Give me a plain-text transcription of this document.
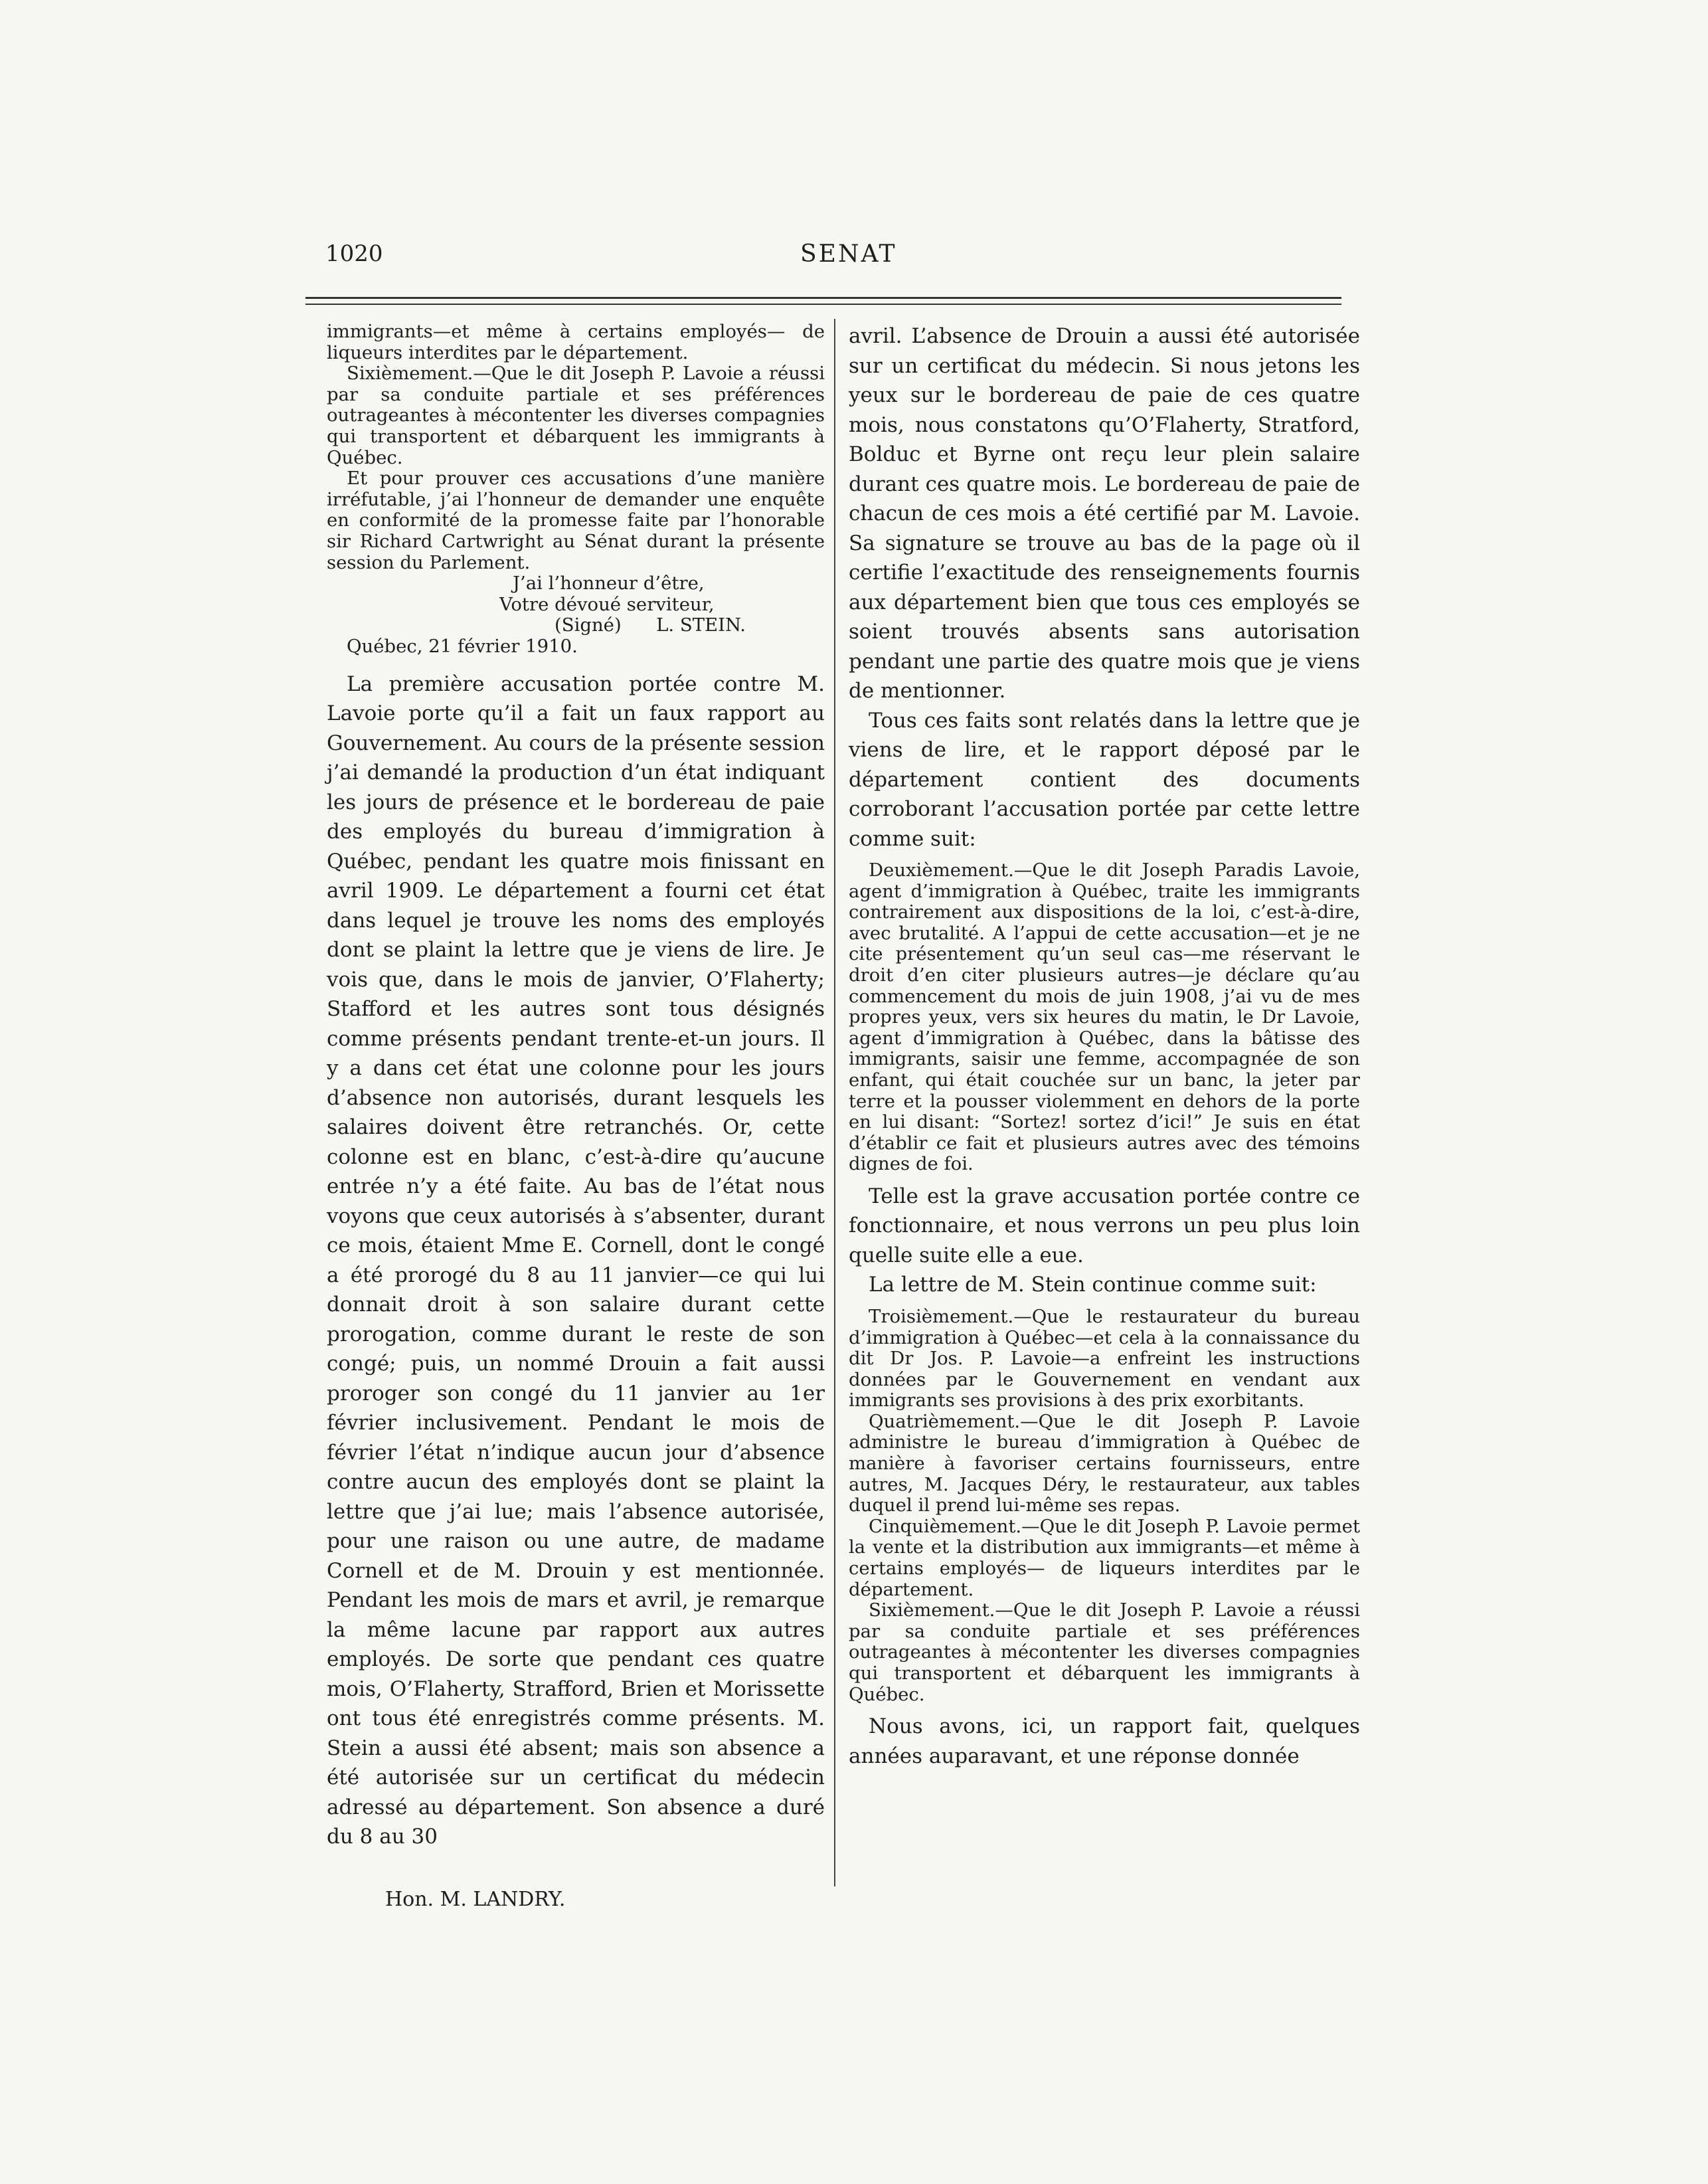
1020	SENAT

immigrants—et même à certains employés— de liqueurs interdites par le département.

Sixièmement.—Que le dit Joseph P. Lavoie a réussi par sa conduite partiale et ses préférences outrageantes à mécontenter les diverses compagnies qui transportent et débarquent les immigrants à Québec.

Et pour prouver ces accusations d’une manière irréfutable, j’ai l’honneur de demander une enquête en conformité de la promesse faite par l’honorable sir Richard Cartwright au Sénat durant la présente session du Parlement.

J’ai l’honneur d’être,
Votre dévoué serviteur,
(Signé)      L. STEIN.
Québec, 21 février 1910.

La première accusation portée contre M. Lavoie porte qu’il a fait un faux rapport au Gouvernement. Au cours de la présente session j’ai demandé la production d’un état indiquant les jours de présence et le bordereau de paie des employés du bureau d’immigration à Québec, pendant les quatre mois finissant en avril 1909. Le département a fourni cet état dans lequel je trouve les noms des employés dont se plaint la lettre que je viens de lire. Je vois que, dans le mois de janvier, O’Flaherty; Stafford et les autres sont tous désignés comme présents pendant trente-et-un jours. Il y a dans cet état une colonne pour les jours d’absence non autorisés, durant lesquels les salaires doivent être retranchés. Or, cette colonne est en blanc, c’est-à-dire qu’aucune entrée n’y a été faite. Au bas de l’état nous voyons que ceux autorisés à s’absenter, durant ce mois, étaient Mme E. Cornell, dont le congé a été prorogé du 8 au 11 janvier—ce qui lui donnait droit à son salaire durant cette prorogation, comme durant le reste de son congé; puis, un nommé Drouin a fait aussi proroger son congé du 11 janvier au 1er février inclusivement. Pendant le mois de février l’état n’indique aucun jour d’absence contre aucun des employés dont se plaint la lettre que j’ai lue; mais l’absence autorisée, pour une raison ou une autre, de madame Cornell et de M. Drouin y est mentionnée. Pendant les mois de mars et avril, je remarque la même lacune par rapport aux autres employés. De sorte que pendant ces quatre mois, O’Flaherty, Strafford, Brien et Morissette ont tous été enregistrés comme présents. M. Stein a aussi été absent; mais son absence a été autorisée sur un certificat du médecin adressé au département. Son absence a duré du 8 au 30

avril. L’absence de Drouin a aussi été autorisée sur un certificat du médecin. Si nous jetons les yeux sur le bordereau de paie de ces quatre mois, nous constatons qu’O’Flaherty, Stratford, Bolduc et Byrne ont reçu leur plein salaire durant ces quatre mois. Le bordereau de paie de chacun de ces mois a été certifié par M. Lavoie. Sa signature se trouve au bas de la page où il certifie l’exactitude des renseignements fournis aux département bien que tous ces employés se soient trouvés absents sans autorisation pendant une partie des quatre mois que je viens de mentionner.

Tous ces faits sont relatés dans la lettre que je viens de lire, et le rapport déposé par le département contient des documents corroborant l’accusation portée par cette lettre comme suit:

Deuxièmement.—Que le dit Joseph Paradis Lavoie, agent d’immigration à Québec, traite les immigrants contrairement aux dispositions de la loi, c’est-à-dire, avec brutalité. A l’appui de cette accusation—et je ne cite présentement qu’un seul cas—me réservant le droit d’en citer plusieurs autres—je déclare qu’au commencement du mois de juin 1908, j’ai vu de mes propres yeux, vers six heures du matin, le Dr Lavoie, agent d’immigration à Québec, dans la bâtisse des immigrants, saisir une femme, accompagnée de son enfant, qui était couchée sur un banc, la jeter par terre et la pousser violemment en dehors de la porte en lui disant: “Sortez! sortez d’ici!” Je suis en état d’établir ce fait et plusieurs autres avec des témoins dignes de foi.

Telle est la grave accusation portée contre ce fonctionnaire, et nous verrons un peu plus loin quelle suite elle a eue.

La lettre de M. Stein continue comme suit:

Troisièmement.—Que le restaurateur du bureau d’immigration à Québec—et cela à la connaissance du dit Dr Jos. P. Lavoie—a enfreint les instructions données par le Gouvernement en vendant aux immigrants ses provisions à des prix exorbitants.

Quatrièmement.—Que le dit Joseph P. Lavoie administre le bureau d’immigration à Québec de manière à favoriser certains fournisseurs, entre autres, M. Jacques Déry, le restaurateur, aux tables duquel il prend lui-même ses repas.

Cinquièmement.—Que le dit Joseph P. Lavoie permet la vente et la distribution aux immigrants—et même à certains employés— de liqueurs interdites par le département.

Sixièmement.—Que le dit Joseph P. Lavoie a réussi par sa conduite partiale et ses préférences outrageantes à mécontenter les diverses compagnies qui transportent et débarquent les immigrants à Québec.

Nous avons, ici, un rapport fait, quelques années auparavant, et une réponse donnée

Hon. M. LANDRY.
